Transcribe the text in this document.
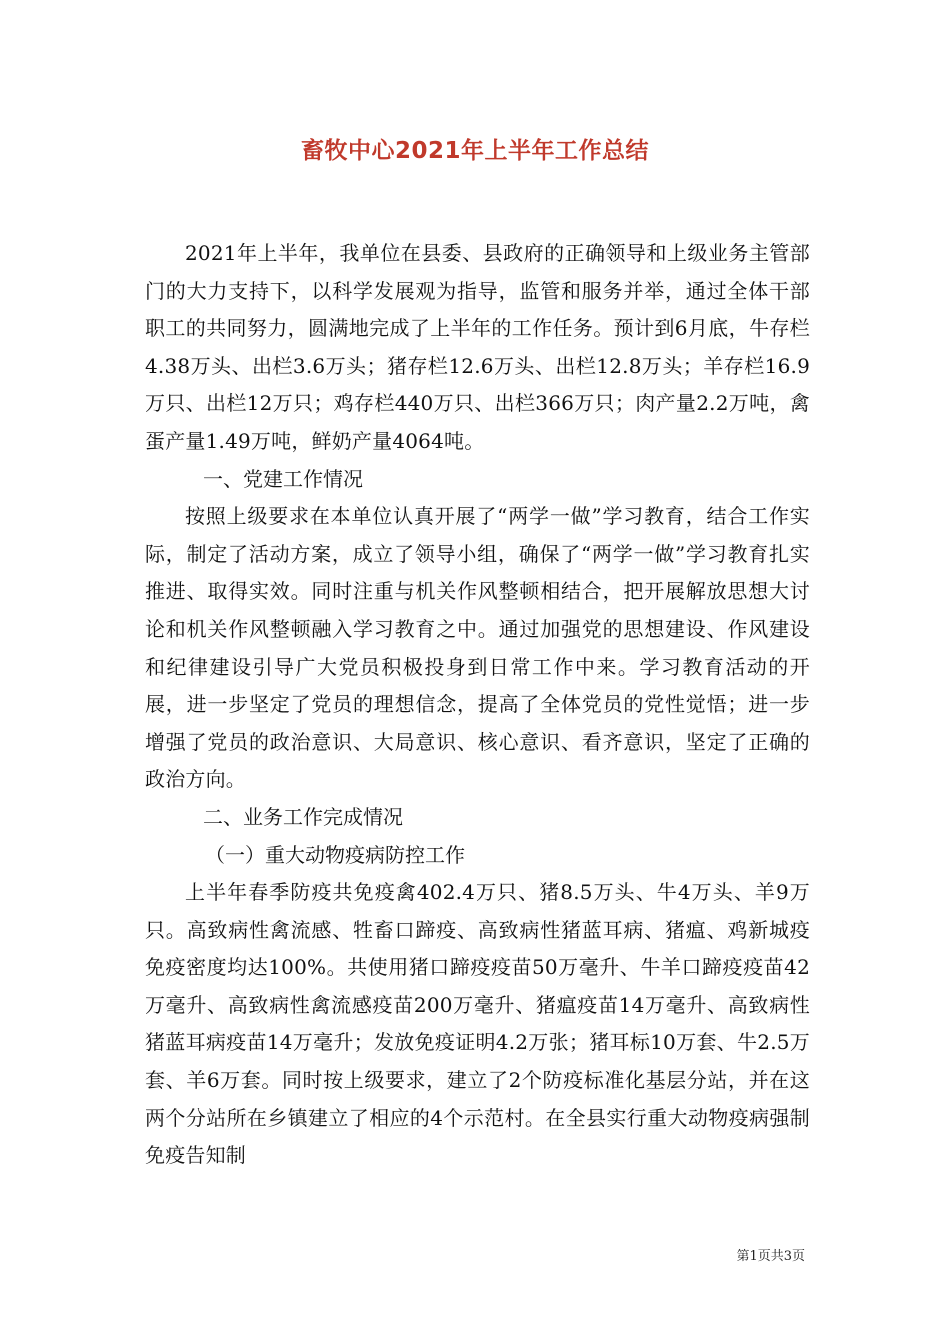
畜牧中心2021年上半年工作总结

2021年上半年，我单位在县委、县政府的正确领导和上级业务主管部门的大力支持下，以科学发展观为指导，监管和服务并举，通过全体干部职工的共同努力，圆满地完成了上半年的工作任务。预计到6月底，牛存栏4.38万头、出栏3.6万头；猪存栏12.6万头、出栏12.8万头；羊存栏16.9万只、出栏12万只；鸡存栏440万只、出栏366万只；肉产量2.2万吨，禽蛋产量1.49万吨，鲜奶产量4064吨。

一、党建工作情况

按照上级要求在本单位认真开展了“两学一做”学习教育，结合工作实际，制定了活动方案，成立了领导小组，确保了“两学一做”学习教育扎实推进、取得实效。同时注重与机关作风整顿相结合，把开展解放思想大讨论和机关作风整顿融入学习教育之中。通过加强党的思想建设、作风建设和纪律建设引导广大党员积极投身到日常工作中来。学习教育活动的开展，进一步坚定了党员的理想信念，提高了全体党员的党性觉悟；进一步增强了党员的政治意识、大局意识、核心意识、看齐意识，坚定了正确的政治方向。

二、业务工作完成情况

（一）重大动物疫病防控工作

上半年春季防疫共免疫禽402.4万只、猪8.5万头、牛4万头、羊9万只。高致病性禽流感、牲畜口蹄疫、高致病性猪蓝耳病、猪瘟、鸡新城疫免疫密度均达100%。共使用猪口蹄疫疫苗50万毫升、牛羊口蹄疫疫苗42万毫升、高致病性禽流感疫苗200万毫升、猪瘟疫苗14万毫升、高致病性猪蓝耳病疫苗14万毫升；发放免疫证明4.2万张；猪耳标10万套、牛2.5万套、羊6万套。同时按上级要求，建立了2个防疫标准化基层分站，并在这两个分站所在乡镇建立了相应的4个示范村。在全县实行重大动物疫病强制免疫告知制

第1页共3页
